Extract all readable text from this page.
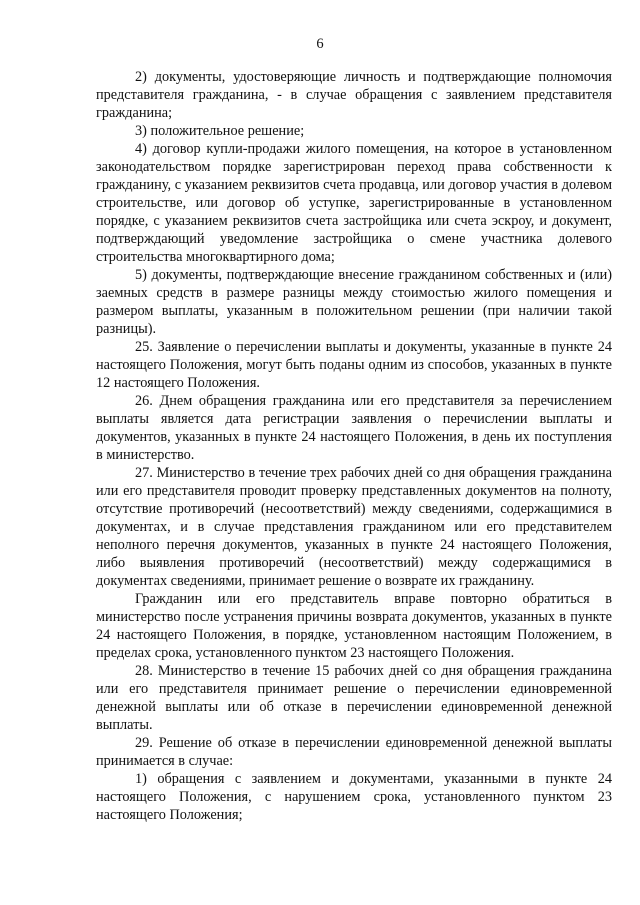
6

2) документы, удостоверяющие личность и подтверждающие полномочия представителя гражданина, - в случае обращения с заявлением представителя гражданина;

3) положительное решение;

4) договор купли-продажи жилого помещения, на которое в установленном законодательством порядке зарегистрирован переход права собственности к гражданину, с указанием реквизитов счета продавца, или договор участия в долевом строительстве, или договор об уступке, зарегистрированные в установленном порядке, с указанием реквизитов счета застройщика или счета эскроу, и документ, подтверждающий уведомление застройщика о смене участника долевого строительства многоквартирного дома;

5) документы, подтверждающие внесение гражданином собственных и (или) заемных средств в размере разницы между стоимостью жилого помещения и размером выплаты, указанным в положительном решении (при наличии такой разницы).

25. Заявление о перечислении выплаты и документы, указанные в пункте 24 настоящего Положения, могут быть поданы одним из способов, указанных в пункте 12 настоящего Положения.

26. Днем обращения гражданина или его представителя за перечислением выплаты является дата регистрации заявления о перечислении выплаты и документов, указанных в пункте 24 настоящего Положения, в день их поступления в министерство.

27. Министерство в течение трех рабочих дней со дня обращения гражданина или его представителя проводит проверку представленных документов на полноту, отсутствие противоречий (несоответствий) между сведениями, содержащимися в документах, и в случае представления гражданином или его представителем неполного перечня документов, указанных в пункте 24 настоящего Положения, либо выявления противоречий (несоответствий) между содержащимися в документах сведениями, принимает решение о возврате их гражданину.

Гражданин или его представитель вправе повторно обратиться в министерство после устранения причины возврата документов, указанных в пункте 24 настоящего Положения, в порядке, установленном настоящим Положением, в пределах срока, установленного пунктом 23 настоящего Положения.

28. Министерство в течение 15 рабочих дней со дня обращения гражданина или его представителя принимает решение о перечислении единовременной денежной выплаты или об отказе в перечислении единовременной денежной выплаты.

29. Решение об отказе в перечислении единовременной денежной выплаты принимается в случае:

1) обращения с заявлением и документами, указанными в пункте 24 настоящего Положения, с нарушением срока, установленного пунктом 23 настоящего Положения;
